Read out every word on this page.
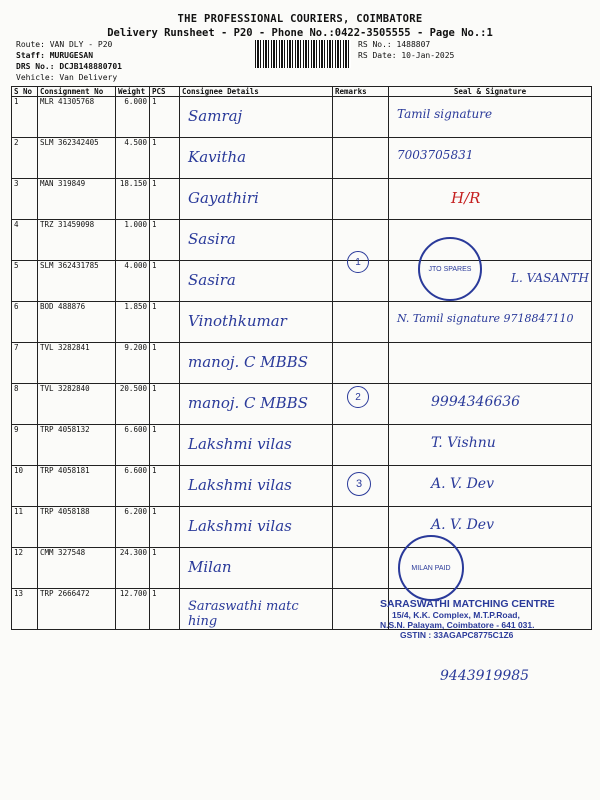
THE PROFESSIONAL COURIERS, COIMBATORE
Delivery Runsheet - P20 - Phone No.:0422-3505555 - Page No.:1
Route: VAN DLY - P20
Staff: MURUGESAN
DRS No.: DCJB148880701
Vehicle: Van Delivery
RS No.: 1488807
RS Date: 10-Jan-2025
S No	Consignment No	Weight	PCS	Consignee Details	Remarks	Seal & Signature
1	MLR 41305768	6.000	1	Samraj		Tamil signature

2	SLM 362342405	4.500	1	Kavitha		7003705831

3	MAN 319849	18.150	1	Gayathiri		H/R

4	TRZ 31459098	1.000	1	Sasira		

5	SLM 362431785	4.000	1	Sasira		L. VASANTH

6	BOD 488876	1.850	1	Vinothkumar		N. Tamil signature 9718847110

7	TVL 3282841	9.200	1	manoj. C MBBS		

8	TVL 3282840	20.500	1	manoj. C MBBS		9994346636

9	TRP 4058132	6.600	1	Lakshmi vilas		T. Vishnu

10	TRP 4058181	6.600	1	Lakshmi vilas		A. V. Dev

11	TRP 4058188	6.200	1	Lakshmi vilas		A. V. Dev

12	CMM 327548	24.300	1	Milan		

13	TRP 2666472	12.700	1	Saraswathi matc hing		

JTO SPARES
MILAN PAID
1
2
3
SARASWATHI MATCHING CENTRE
15/4, K.K. Complex, M.T.P.Road,
N.S.N. Palayam, Coimbatore - 641 031.
GSTIN : 33AGAPC8775C1Z6
9443919985
